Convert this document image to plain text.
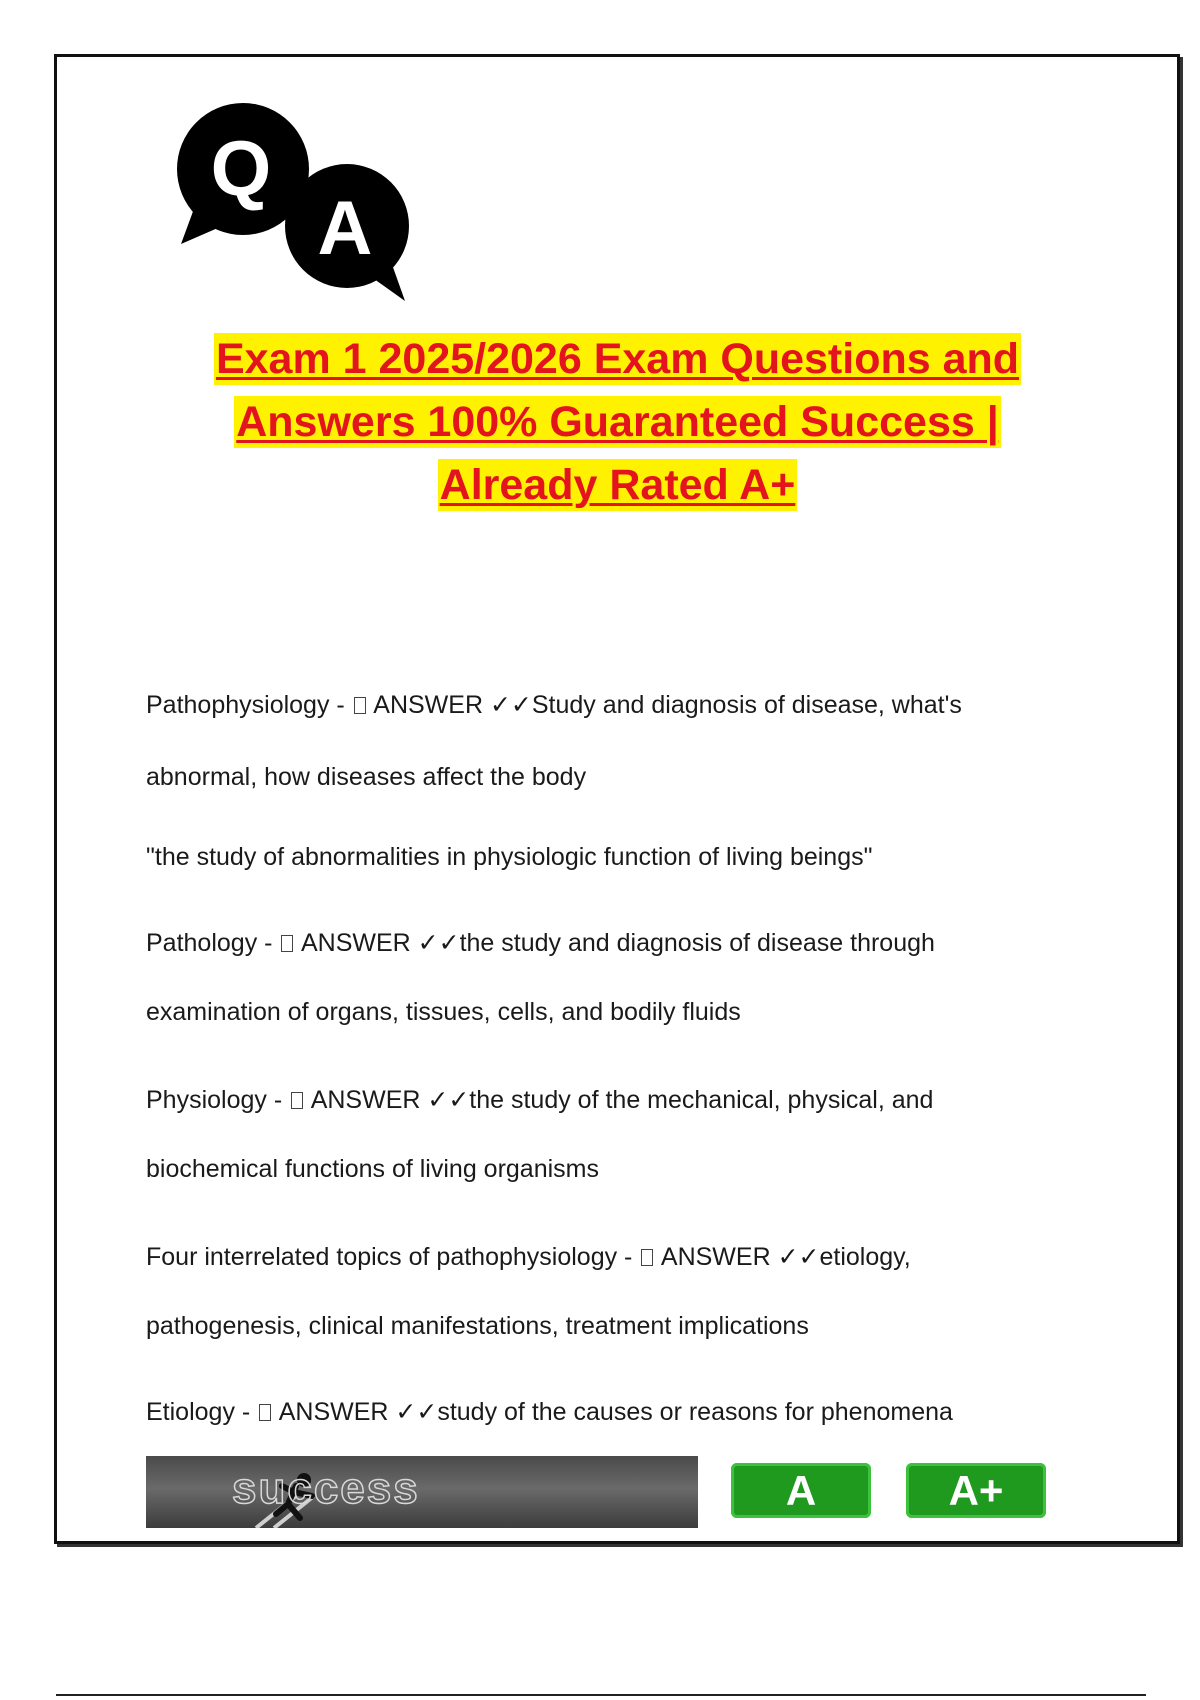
Q
A
Exam 1 2025/2026 Exam Questions and
Answers 100% Guaranteed Success |
Already Rated A+
Pathophysiology -  ANSWER ✓✓Study and diagnosis of disease, what's
abnormal, how diseases affect the body
"the study of abnormalities in physiologic function of living beings"
Pathology -  ANSWER ✓✓the study and diagnosis of disease through
examination of organs, tissues, cells, and bodily fluids
Physiology -  ANSWER ✓✓the study of the mechanical, physical, and
biochemical functions of living organisms
Four interrelated topics of pathophysiology -  ANSWER ✓✓etiology,
pathogenesis, clinical manifestations, treatment implications
Etiology -  ANSWER ✓✓study of the causes or reasons for phenomena
success	A	A+
